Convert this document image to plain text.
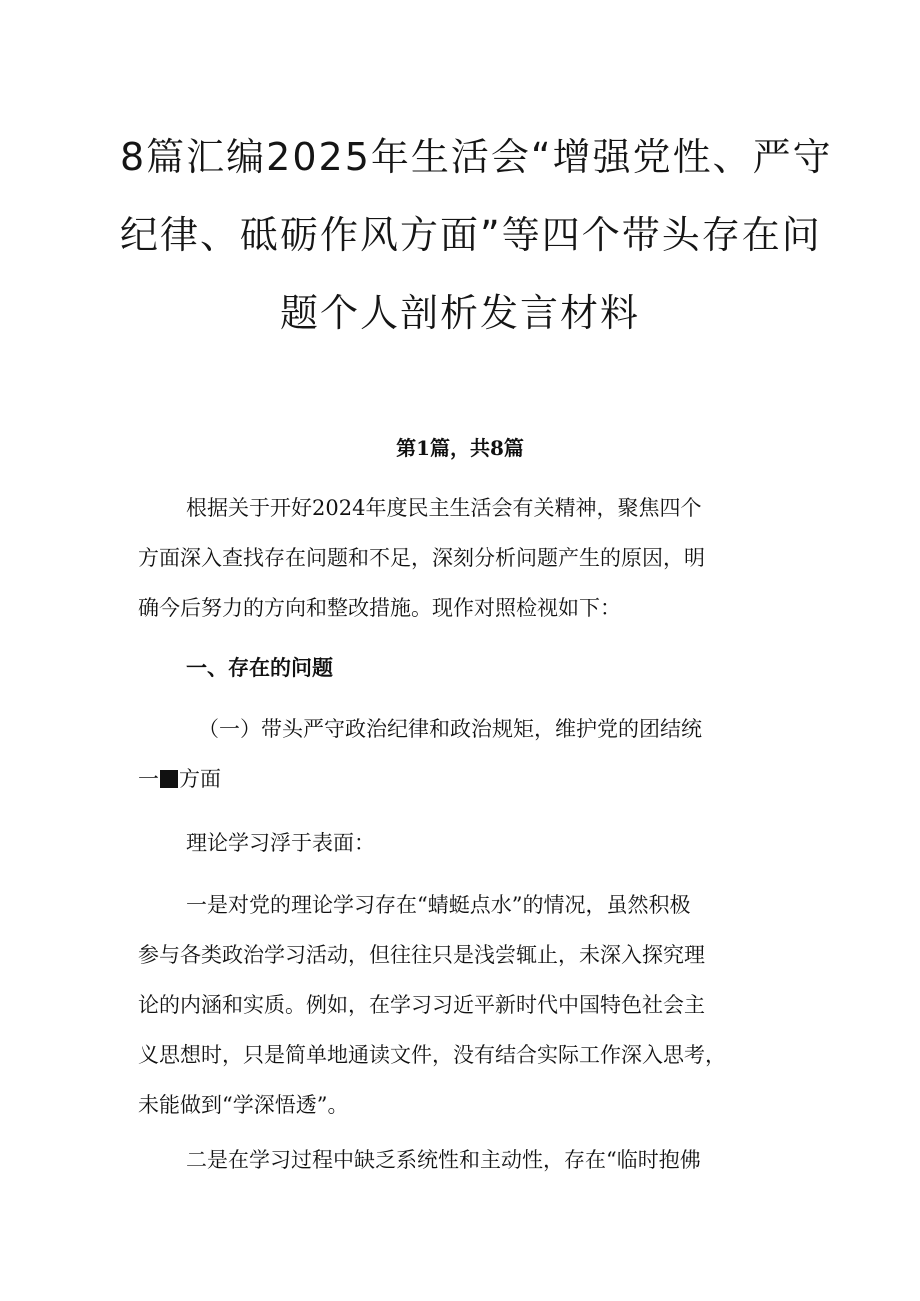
8篇汇编2025年生活会“增强党性、严守
纪律、砥砺作风方面”等四个带头存在问
题个人剖析发言材料
第1篇，共8篇
根据关于开好2024年度民主生活会有关精神，聚焦四个
方面深入查找存在问题和不足，深刻分析问题产生的原因，明
确今后努力的方向和整改措施。现作对照检视如下：
一、存在的问题
（一）带头严守政治纪律和政治规矩，维护党的团结统
一 方面
理论学习浮于表面：
一是对党的理论学习存在“蜻蜓点水”的情况，虽然积极
参与各类政治学习活动，但往往只是浅尝辄止，未深入探究理
论的内涵和实质。例如，在学习习近平新时代中国特色社会主
义思想时，只是简单地通读文件，没有结合实际工作深入思考，
未能做到“学深悟透”。
二是在学习过程中缺乏系统性和主动性，存在“临时抱佛
